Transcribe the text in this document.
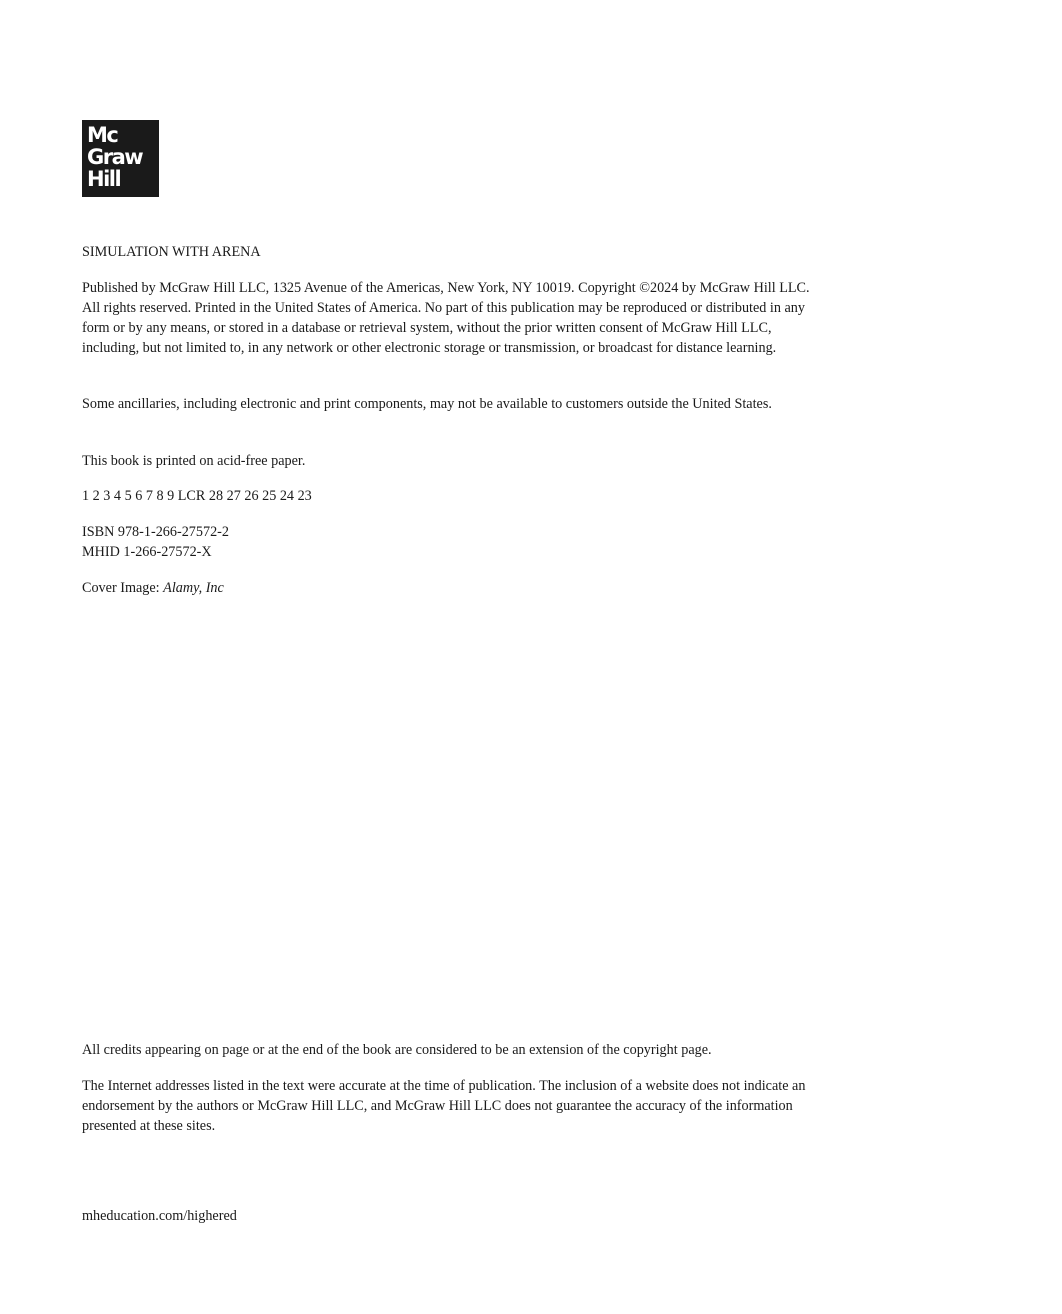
Mc
Graw
Hill

SIMULATION WITH ARENA

Published by McGraw Hill LLC, 1325 Avenue of the Americas, New York, NY 10019. Copyright ©2024 by McGraw Hill LLC. All rights reserved. Printed in the United States of America. No part of this publication may be reproduced or distributed in any form or by any means, or stored in a database or retrieval system, without the prior written consent of McGraw Hill LLC, including, but not limited to, in any network or other electronic storage or transmission, or broadcast for distance learning.

Some ancillaries, including electronic and print components, may not be available to customers outside the United States.

This book is printed on acid-free paper.

1 2 3 4 5 6 7 8 9 LCR 28 27 26 25 24 23

ISBN 978-1-266-27572-2
MHID 1-266-27572-X

Cover Image: Alamy, Inc

All credits appearing on page or at the end of the book are considered to be an extension of the copyright page.

The Internet addresses listed in the text were accurate at the time of publication. The inclusion of a website does not indicate an endorsement by the authors or McGraw Hill LLC, and McGraw Hill LLC does not guarantee the accuracy of the information presented at these sites.

mheducation.com/highered
